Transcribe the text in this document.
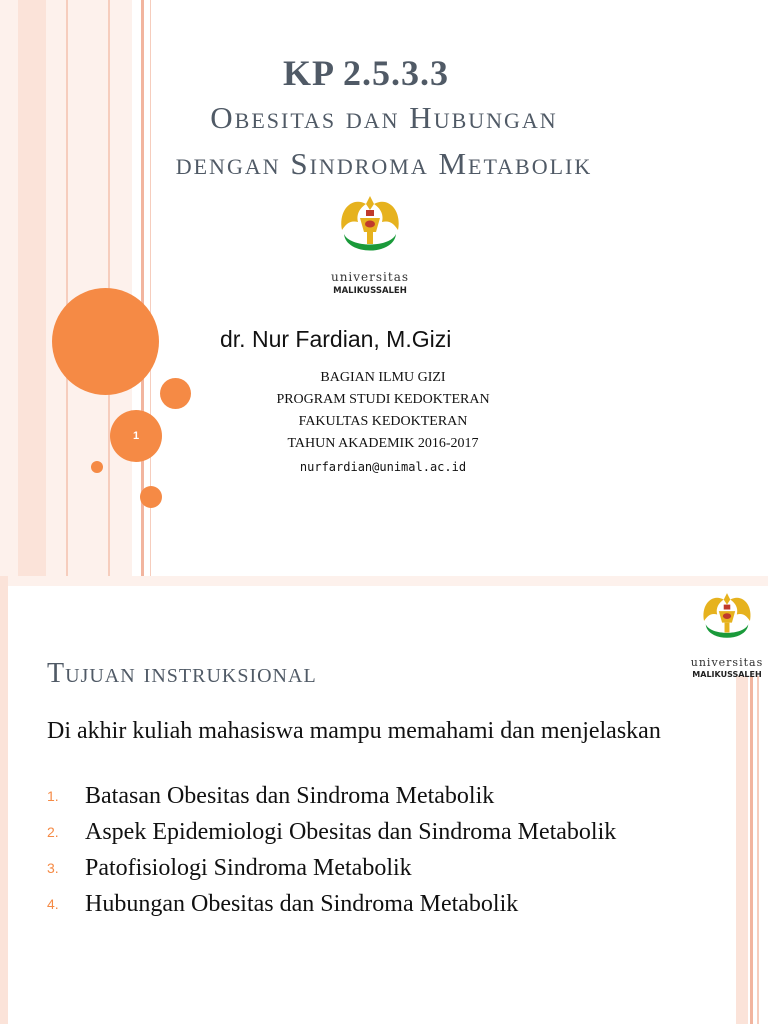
1
KP 2.5.3.3
Obesitas dan Hubungan
dengan Sindroma Metabolik
universitas
MALIKUSSALEH
dr. Nur Fardian, M.Gizi
BAGIAN ILMU GIZI
PROGRAM STUDI KEDOKTERAN
FAKULTAS KEDOKTERAN
TAHUN AKADEMIK 2016-2017
nurfardian@unimal.ac.id
universitas
MALIKUSSALEH
Tujuan instruksional
Di akhir kuliah mahasiswa mampu memahami dan menjelaskan
1. Batasan Obesitas dan Sindroma Metabolik
2. Aspek Epidemiologi Obesitas dan Sindroma Metabolik
3. Patofisiologi Sindroma Metabolik
4. Hubungan Obesitas dan Sindroma Metabolik
